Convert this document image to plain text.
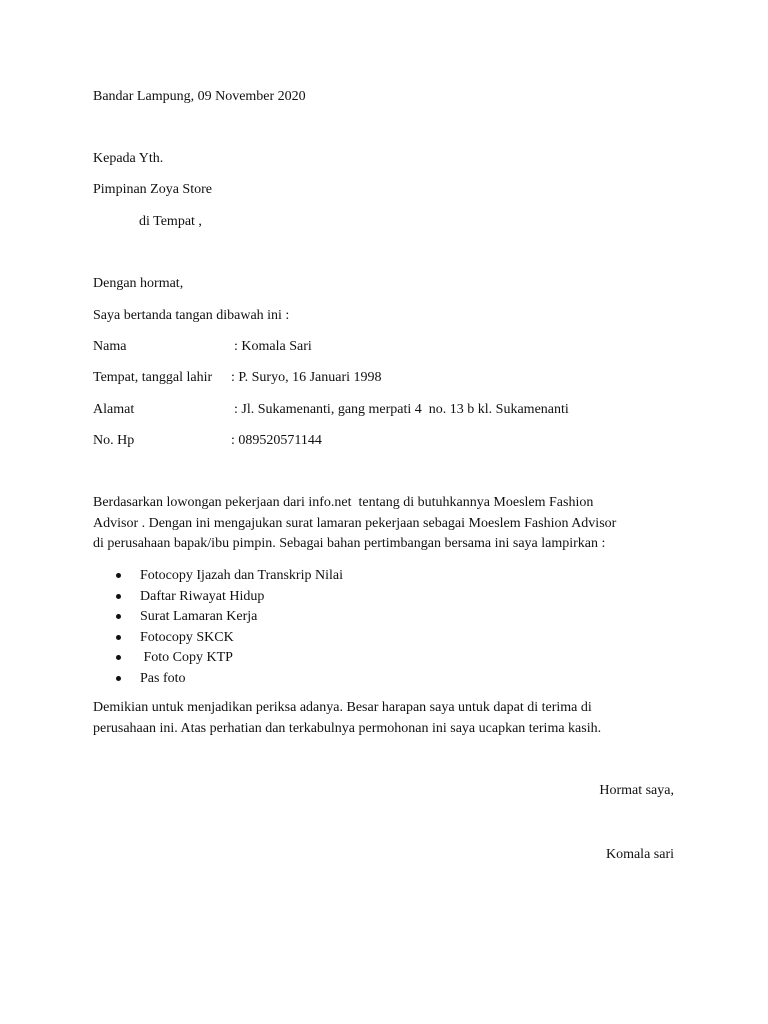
Bandar Lampung, 09 November 2020
Kepada Yth.
Pimpinan Zoya Store
di Tempat ,
Dengan hormat,
Saya bertanda tangan dibawah ini :
Nama	: Komala Sari
Tempat, tanggal lahir : P. Suryo, 16 Januari 1998
Alamat	: Jl. Sukamenanti, gang merpati 4  no. 13 b kl. Sukamenanti
No. Hp	: 089520571144
Berdasarkan lowongan pekerjaan dari info.net  tentang di butuhkannya Moeslem Fashion
Advisor . Dengan ini mengajukan surat lamaran pekerjaan sebagai Moeslem Fashion Advisor
di perusahaan bapak/ibu pimpin. Sebagai bahan pertimbangan bersama ini saya lampirkan :
Fotocopy Ijazah dan Transkrip Nilai
Daftar Riwayat Hidup
Surat Lamaran Kerja
Fotocopy SKCK
Foto Copy KTP
Pas foto
Demikian untuk menjadikan periksa adanya. Besar harapan saya untuk dapat di terima di
perusahaan ini. Atas perhatian dan terkabulnya permohonan ini saya ucapkan terima kasih.
Hormat saya,
Komala sari
